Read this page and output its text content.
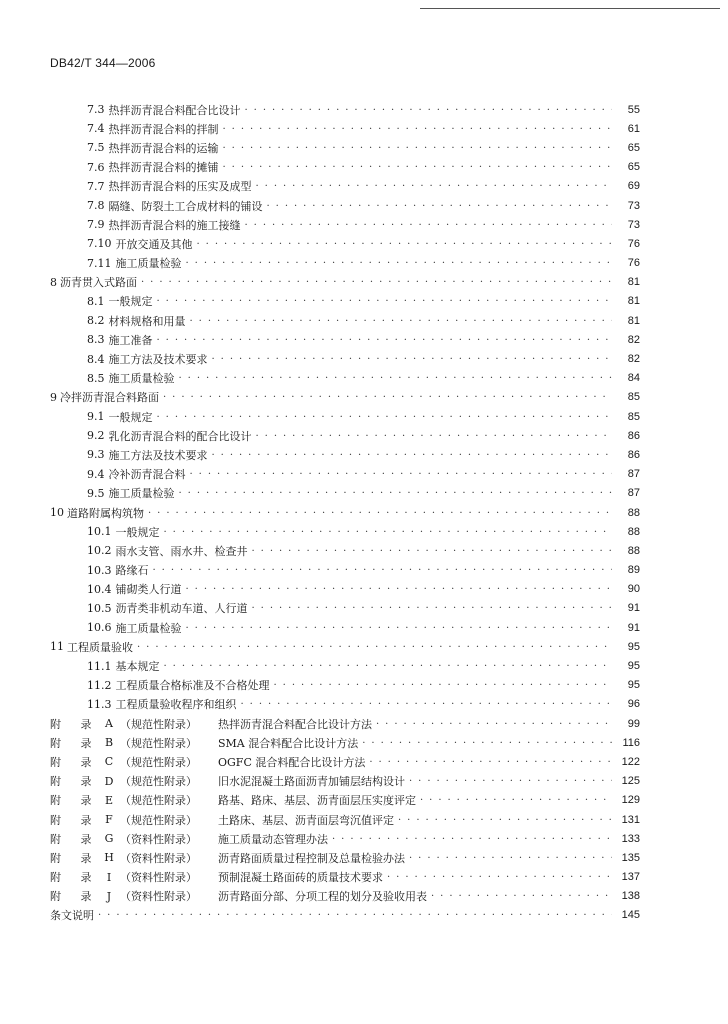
DB42/T 344—2006
7.3 热拌沥青混合料配合比设计 . . .	55
7.4 热拌沥青混合料的拌制 . . .	61
7.5 热拌沥青混合料的运输 . . .	65
7.6 热拌沥青混合料的摊铺 . . .	65
7.7 热拌沥青混合料的压实及成型 . . .	69
7.8 隔缝、防裂土工合成材料的铺设 . . .	73
7.9 热拌沥青混合料的施工接缝 . . .	73
7.10 开放交通及其他 . . .	76
7.11 施工质量检验 . . .	76
8 沥青贯入式路面 . . .	81
8.1 一般规定 . . .	81
8.2 材料规格和用量 . . .	81
8.3 施工准备 . . .	82
8.4 施工方法及技术要求 . . .	82
8.5 施工质量检验 . . .	84
9 冷拌沥青混合料路面 . . .	85
9.1 一般规定 . . .	85
9.2 乳化沥青混合料的配合比设计 . . .	86
9.3 施工方法及技术要求 . . .	86
9.4 冷补沥青混合料 . . .	87
9.5 施工质量检验 . . .	87
10 道路附属构筑物 . . .	88
10.1 一般规定 . . .	88
10.2 雨水支管、雨水井、检查井 . . .	88
10.3 路缘石 . . .	89
10.4 铺砌类人行道 . . .	90
10.5 沥青类非机动车道、人行道 . . .	91
10.6 施工质量检验 . . .	91
11 工程质量验收 . . .	95
11.1 基本规定 . . .	95
11.2 工程质量合格标准及不合格处理 . . .	95
11.3 工程质量验收程序和组织 . . .	96
附	录	A （规范性附录）	热拌沥青混合料配合比设计方法 . . .	99
附	录	B （规范性附录）	SMA 混合料配合比设计方法 . . .	116
附	录	C （规范性附录）	OGFC 混合料配合比设计方法 . . .	122
附	录	D （规范性附录）	旧水泥混凝土路面沥青加铺层结构设计 . . .	125
附	录	E （规范性附录）	路基、路床、基层、沥青面层压实度评定 . . .	129
附	录	F （规范性附录）	土路床、基层、沥青面层弯沉值评定 . . .	131
附	录	G （资料性附录）	施工质量动态管理办法 . . .	133
附	录	H （资料性附录）	沥青路面质量过程控制及总量检验办法 . . .	135
附	录	I （资料性附录）	预制混凝土路面砖的质量技术要求 . . .	137
附	录	J （资料性附录）	沥青路面分部、分项工程的划分及验收用表 . . .	138
条文说明 . . .	145
